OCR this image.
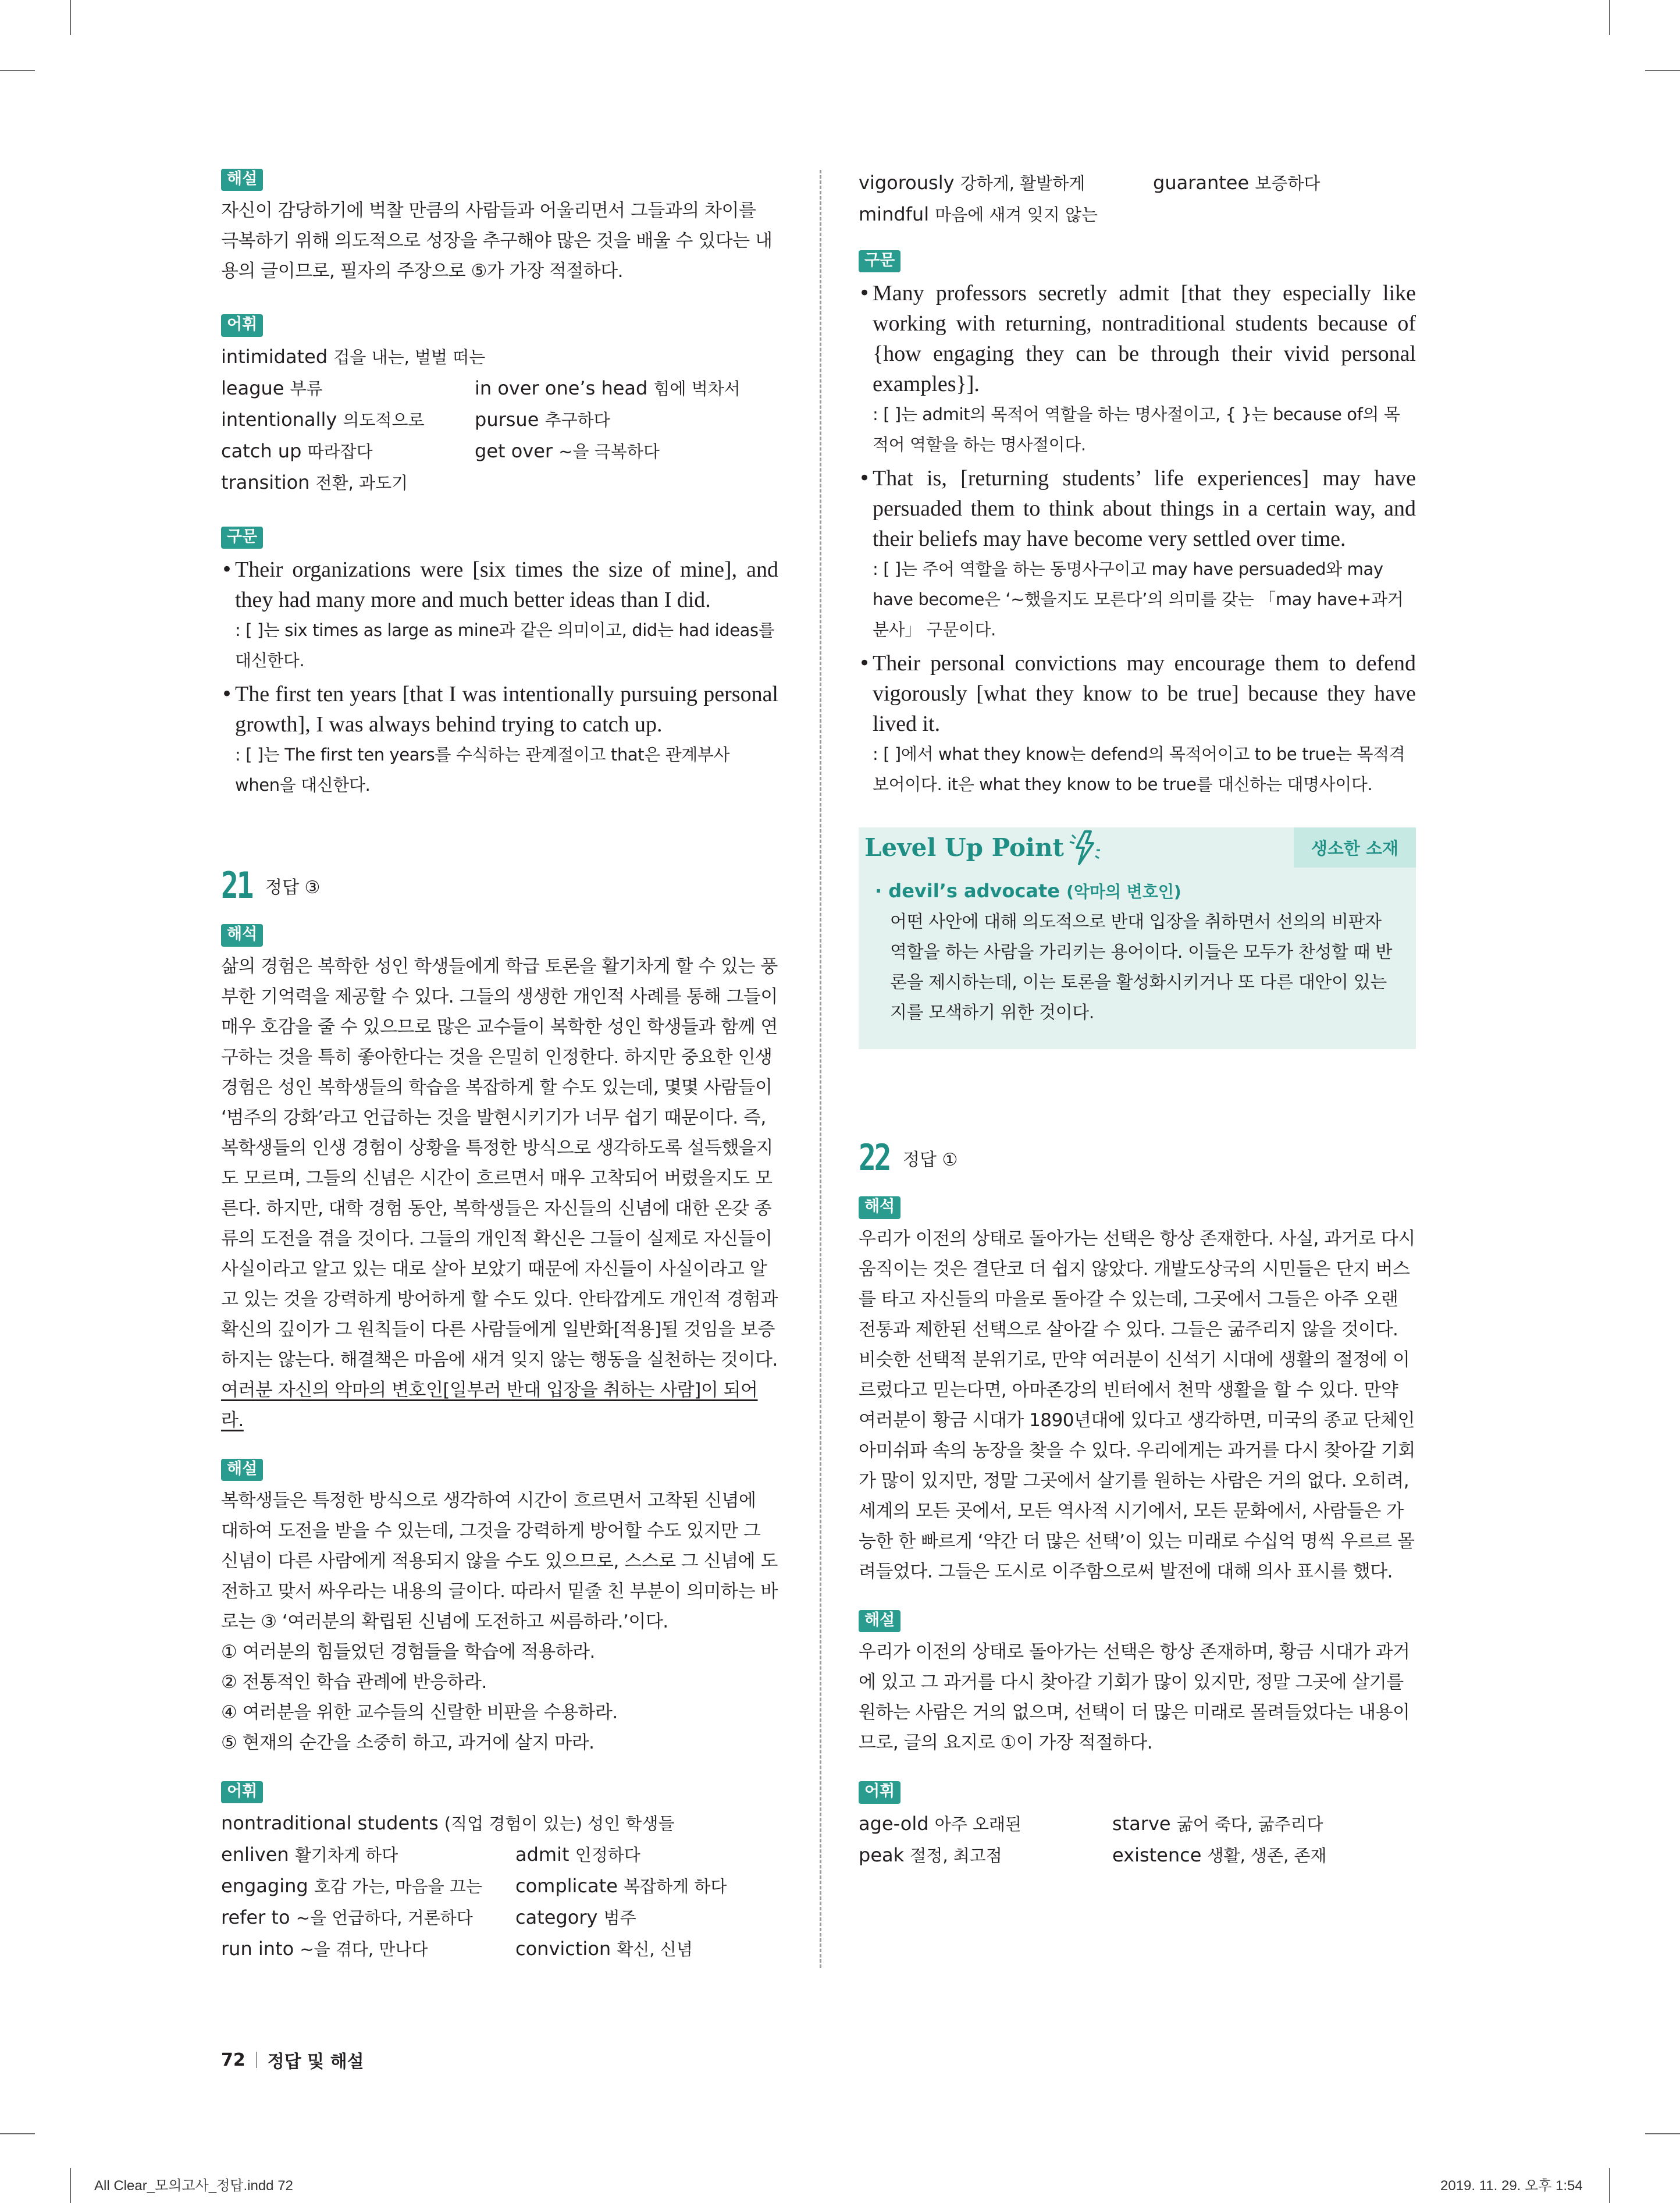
해설
자신이 감당하기에 벅찰 만큼의 사람들과 어울리면서 그들과의 차이를 극복하기 위해 의도적으로 성장을 추구해야 많은 것을 배울 수 있다는 내용의 글이므로, 필자의 주장으로 ⑤가 가장 적절하다.
어휘
intimidated 겁을 내는, 벌벌 떠는
league 부류	in over one’s head 힘에 벅차서
intentionally 의도적으로	pursue 추구하다
catch up 따라잡다	get over ~을 극복하다
transition 전환, 과도기
구문
• Their organizations were [six times the size of mine], and they had many more and much better ideas than I did.
: [ ]는 six times as large as mine과 같은 의미이고, did는 had ideas를 대신한다.
• The first ten years [that I was intentionally pursuing personal growth], I was always behind trying to catch up.
: [ ]는 The first ten years를 수식하는 관계절이고 that은 관계부사 when을 대신한다.
21 정답 ③
해석
삶의 경험은 복학한 성인 학생들에게 학급 토론을 활기차게 할 수 있는 풍부한 기억력을 제공할 수 있다. 그들의 생생한 개인적 사례를 통해 그들이 매우 호감을 줄 수 있으므로 많은 교수들이 복학한 성인 학생들과 함께 연구하는 것을 특히 좋아한다는 것을 은밀히 인정한다. 하지만 중요한 인생 경험은 성인 복학생들의 학습을 복잡하게 할 수도 있는데, 몇몇 사람들이 ‘범주의 강화’라고 언급하는 것을 발현시키기가 너무 쉽기 때문이다. 즉, 복학생들의 인생 경험이 상황을 특정한 방식으로 생각하도록 설득했을지도 모르며, 그들의 신념은 시간이 흐르면서 매우 고착되어 버렸을지도 모른다. 하지만, 대학 경험 동안, 복학생들은 자신들의 신념에 대한 온갖 종류의 도전을 겪을 것이다. 그들의 개인적 확신은 그들이 실제로 자신들이 사실이라고 알고 있는 대로 살아 보았기 때문에 자신들이 사실이라고 알고 있는 것을 강력하게 방어하게 할 수도 있다. 안타깝게도 개인적 경험과 확신의 깊이가 그 원칙들이 다른 사람들에게 일반화[적용]될 것임을 보증하지는 않는다. 해결책은 마음에 새겨 잊지 않는 행동을 실천하는 것이다. 여러분 자신의 악마의 변호인[일부러 반대 입장을 취하는 사람]이 되어라.
해설
복학생들은 특정한 방식으로 생각하여 시간이 흐르면서 고착된 신념에 대하여 도전을 받을 수 있는데, 그것을 강력하게 방어할 수도 있지만 그 신념이 다른 사람에게 적용되지 않을 수도 있으므로, 스스로 그 신념에 도전하고 맞서 싸우라는 내용의 글이다. 따라서 밑줄 친 부분이 의미하는 바로는 ③ ‘여러분의 확립된 신념에 도전하고 씨름하라.’이다.
① 여러분의 힘들었던 경험들을 학습에 적용하라.
② 전통적인 학습 관례에 반응하라.
④ 여러분을 위한 교수들의 신랄한 비판을 수용하라.
⑤ 현재의 순간을 소중히 하고, 과거에 살지 마라.
어휘
nontraditional students (직업 경험이 있는) 성인 학생들
enliven 활기차게 하다	admit 인정하다
engaging 호감 가는, 마음을 끄는	complicate 복잡하게 하다
refer to ~을 언급하다, 거론하다	category 범주
run into ~을 겪다, 만나다	conviction 확신, 신념
vigorously 강하게, 활발하게	guarantee 보증하다
mindful 마음에 새겨 잊지 않는
구문
• Many professors secretly admit [that they especially like working with returning, nontraditional students because of {how engaging they can be through their vivid personal examples}].
: [ ]는 admit의 목적어 역할을 하는 명사절이고, { }는 because of의 목적어 역할을 하는 명사절이다.
• That is, [returning students’ life experiences] may have persuaded them to think about things in a certain way, and their beliefs may have become very settled over time.
: [ ]는 주어 역할을 하는 동명사구이고 may have persuaded와 may have become은 ‘~했을지도 모른다’의 의미를 갖는 「may have+과거분사」 구문이다.
• Their personal convictions may encourage them to defend vigorously [what they know to be true] because they have lived it.
: [ ]에서 what they know는 defend의 목적어이고 to be true는 목적격 보어이다. it은 what they know to be true를 대신하는 대명사이다.
Level Up Point	생소한 소재
· devil’s advocate (악마의 변호인)
어떤 사안에 대해 의도적으로 반대 입장을 취하면서 선의의 비판자 역할을 하는 사람을 가리키는 용어이다. 이들은 모두가 찬성할 때 반론을 제시하는데, 이는 토론을 활성화시키거나 또 다른 대안이 있는지를 모색하기 위한 것이다.
22 정답 ①
해석
우리가 이전의 상태로 돌아가는 선택은 항상 존재한다. 사실, 과거로 다시 움직이는 것은 결단코 더 쉽지 않았다. 개발도상국의 시민들은 단지 버스를 타고 자신들의 마을로 돌아갈 수 있는데, 그곳에서 그들은 아주 오랜 전통과 제한된 선택으로 살아갈 수 있다. 그들은 굶주리지 않을 것이다. 비슷한 선택적 분위기로, 만약 여러분이 신석기 시대에 생활의 절정에 이르렀다고 믿는다면, 아마존강의 빈터에서 천막 생활을 할 수 있다. 만약 여러분이 황금 시대가 1890년대에 있다고 생각하면, 미국의 종교 단체인 아미쉬파 속의 농장을 찾을 수 있다. 우리에게는 과거를 다시 찾아갈 기회가 많이 있지만, 정말 그곳에서 살기를 원하는 사람은 거의 없다. 오히려, 세계의 모든 곳에서, 모든 역사적 시기에서, 모든 문화에서, 사람들은 가능한 한 빠르게 ‘약간 더 많은 선택’이 있는 미래로 수십억 명씩 우르르 몰려들었다. 그들은 도시로 이주함으로써 발전에 대해 의사 표시를 했다.
해설
우리가 이전의 상태로 돌아가는 선택은 항상 존재하며, 황금 시대가 과거에 있고 그 과거를 다시 찾아갈 기회가 많이 있지만, 정말 그곳에 살기를 원하는 사람은 거의 없으며, 선택이 더 많은 미래로 몰려들었다는 내용이므로, 글의 요지로 ①이 가장 적절하다.
어휘
age-old 아주 오래된	starve 굶어 죽다, 굶주리다
peak 절정, 최고점	existence 생활, 생존, 존재
72 정답 및 해설
All Clear_모의고사_정답.indd 72	2019. 11. 29. 오후 1:54
